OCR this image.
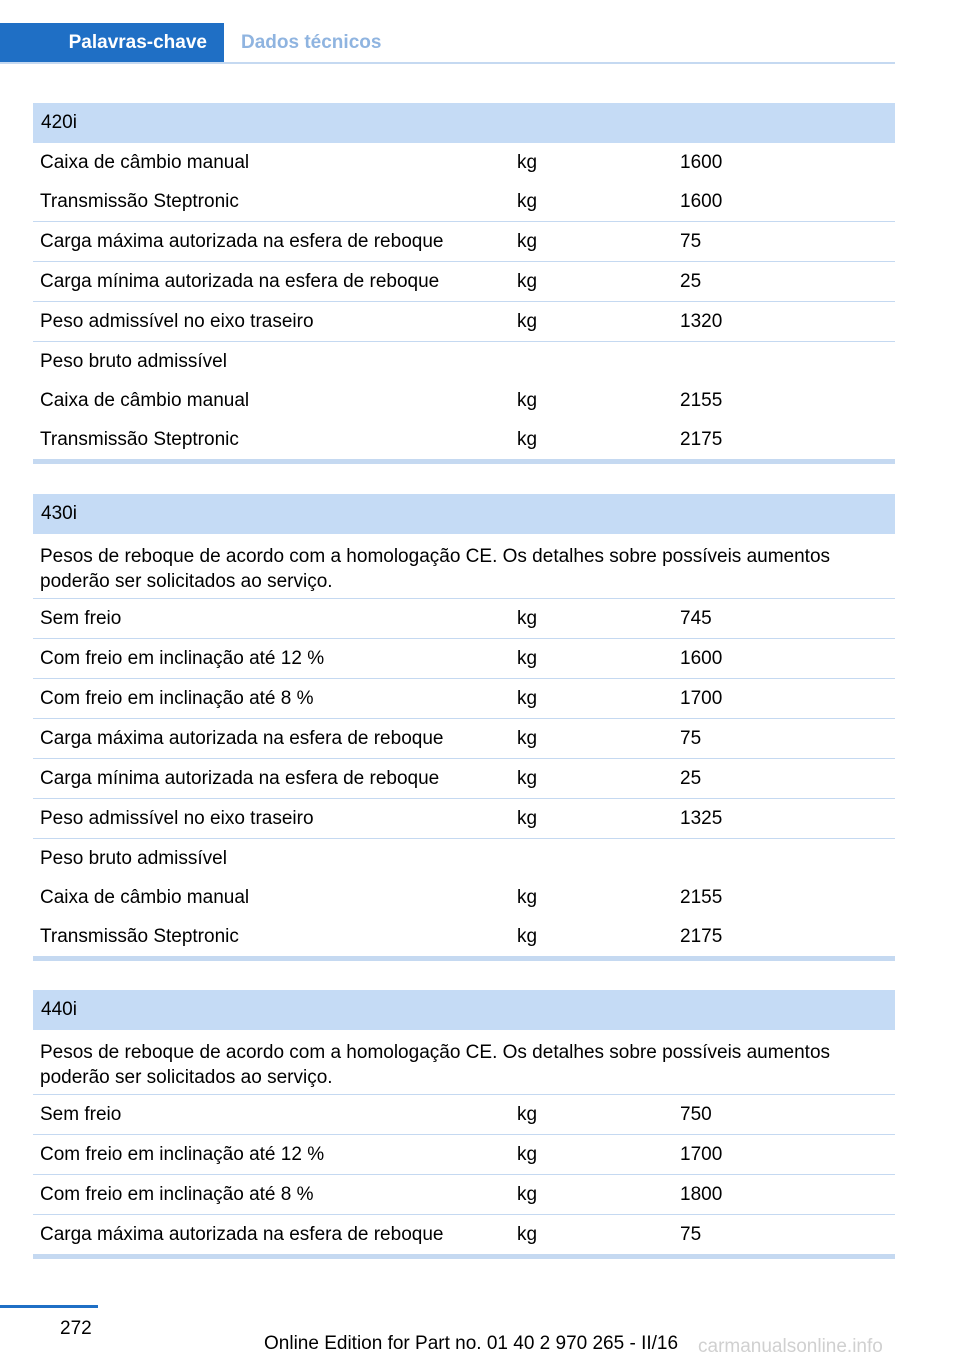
Palavras-chave Dados técnicos
420i
Caixa de câmbio manual	kg	1600
Transmissão Steptronic	kg	1600
Carga máxima autorizada na esfera de reboque	kg	75
Carga mínima autorizada na esfera de reboque	kg	25
Peso admissível no eixo traseiro	kg	1320
Peso bruto admissível
Caixa de câmbio manual	kg	2155
Transmissão Steptronic	kg	2175
430i
Pesos de reboque de acordo com a homologação CE. Os detalhes sobre possíveis aumentos poderão ser solicitados ao serviço.
Sem freio	kg	745
Com freio em inclinação até 12 %	kg	1600
Com freio em inclinação até 8 %	kg	1700
Carga máxima autorizada na esfera de reboque	kg	75
Carga mínima autorizada na esfera de reboque	kg	25
Peso admissível no eixo traseiro	kg	1325
Peso bruto admissível
Caixa de câmbio manual	kg	2155
Transmissão Steptronic	kg	2175
440i
Pesos de reboque de acordo com a homologação CE. Os detalhes sobre possíveis aumentos poderão ser solicitados ao serviço.
Sem freio	kg	750
Com freio em inclinação até 12 %	kg	1700
Com freio em inclinação até 8 %	kg	1800
Carga máxima autorizada na esfera de reboque	kg	75
272
Online Edition for Part no. 01 40 2 970 265 - II/16 carmanualsonline.info
